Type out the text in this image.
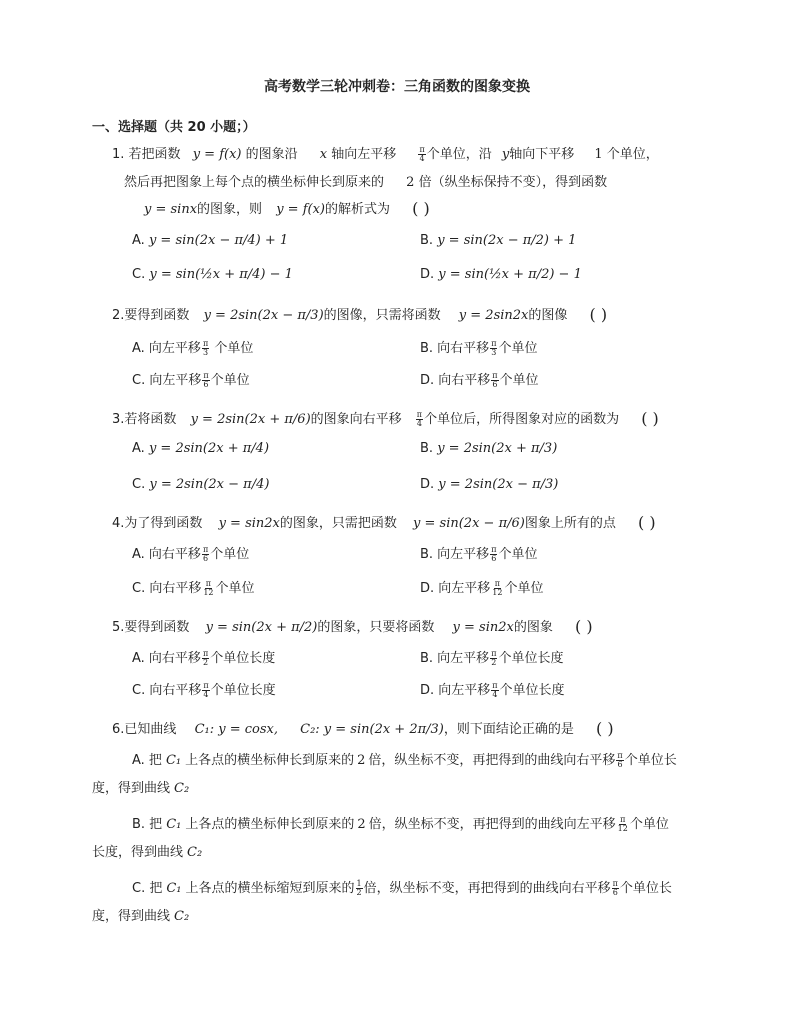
高考数学三轮冲刺卷：三角函数的图象变换
一、选择题（共 20 小题；）
1. 若把函数 y = f(x) 的图象沿 x 轴向左平移	$\frac{\pi}{4}$ 个单位，沿 y轴向下平移 1 个单位，
然后再把图象上每个点的横坐标伸长到原来的 2 倍（纵坐标保持不变），得到函数
y = sinx的图象，则 y = f(x)的解析式为 ( )
A. y = sin(2x − π/4) + 1	B. y = sin(2x − π/2) + 1
C. y = sin(½x + π/4) − 1	D. y = sin(½x + π/2) − 1
2.要得到函数 y = 2sin(2x − π/3)的图像，只需将函数 y = 2sin2x的图像 ( )
A. 向左平移 $\frac{\pi}{3}$ 个单位	B. 向右平移 $\frac{\pi}{3}$ 个单位
C. 向左平移 $\frac{\pi}{6}$ 个单位	D. 向右平移 $\frac{\pi}{6}$ 个单位
3.若将函数 y = 2sin(2x + π/6)的图象向右平移 $\frac{\pi}{4}$ 个单位后，所得图象对应的函数为 ( )
A. y = 2sin(2x + π/4)	B. y = 2sin(2x + π/3)
C. y = 2sin(2x − π/4)	D. y = 2sin(2x − π/3)
4.为了得到函数 y = sin2x的图象，只需把函数 y = sin(2x − π/6)图象上所有的点 ( )
A. 向右平移 $\frac{\pi}{6}$ 个单位	B. 向左平移 $\frac{\pi}{6}$ 个单位
C. 向右平移 $\frac{\pi}{12}$ 个单位	D. 向左平移 $\frac{\pi}{12}$ 个单位
5.要得到函数 y = sin(2x + π/2)的图象，只要将函数 y = sin2x的图象 ( )
A. 向右平移 $\frac{\pi}{2}$ 个单位长度	B. 向左平移 $\frac{\pi}{2}$ 个单位长度
C. 向右平移 $\frac{\pi}{4}$ 个单位长度	D. 向左平移 $\frac{\pi}{4}$ 个单位长度
6.已知曲线 C₁: y = cosx, C₂: y = sin(2x + 2π/3)，则下面结论正确的是 ( )
A. 把 C₁ 上各点的横坐标伸长到原来的 2 倍，纵坐标不变，再把得到的曲线向右平移 $\frac{\pi}{6}$ 个单位长
度，得到曲线 C₂
B. 把 C₁ 上各点的横坐标伸长到原来的 2 倍，纵坐标不变，再把得到的曲线向左平移 $\frac{\pi}{12}$ 个单位
长度，得到曲线 C₂
C. 把 C₁ 上各点的横坐标缩短到原来的 $\frac{1}{2}$ 倍，纵坐标不变，再把得到的曲线向右平移 $\frac{\pi}{6}$ 个单位长
度，得到曲线 C₂
